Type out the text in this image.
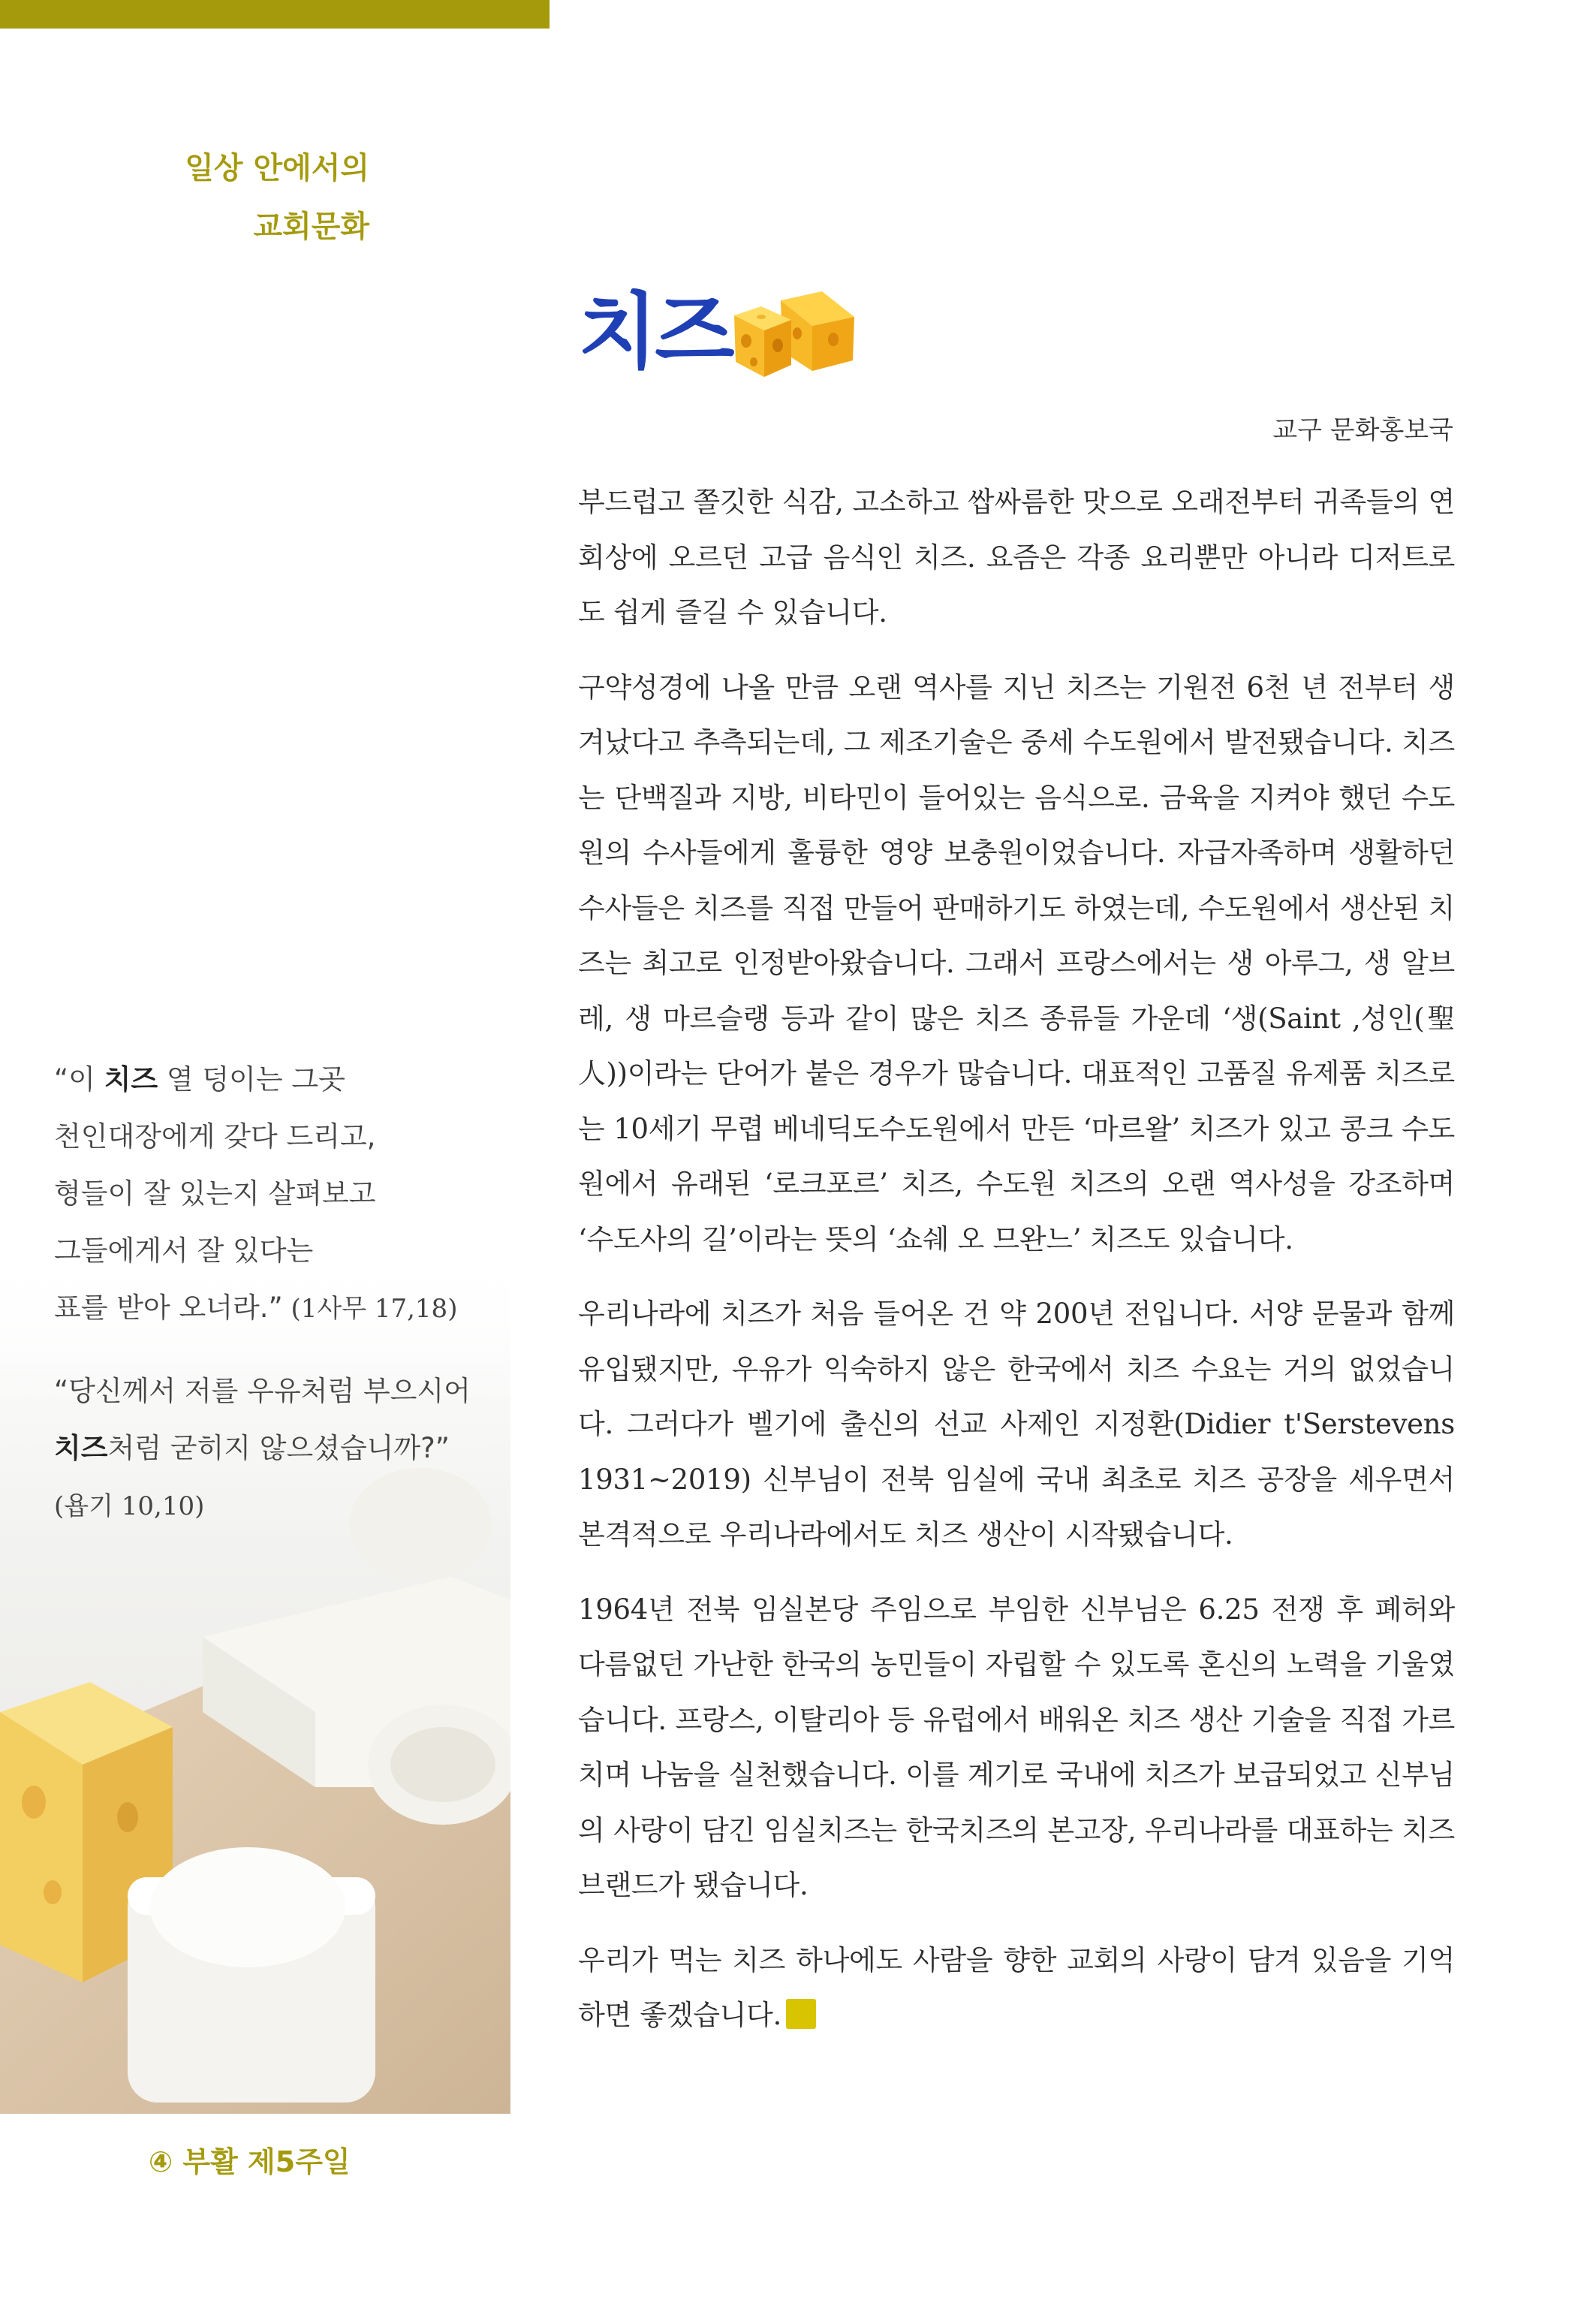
일상 안에서의
교회문화
치즈
교구 문화홍보국

부드럽고 쫄깃한 식감, 고소하고 쌉싸름한 맛으로 오래전부터 귀족들의 연회상에 오르던 고급 음식인 치즈. 요즘은 각종 요리뿐만 아니라 디저트로도 쉽게 즐길 수 있습니다.

구약성경에 나올 만큼 오랜 역사를 지닌 치즈는 기원전 6천 년 전부터 생겨났다고 추측되는데, 그 제조기술은 중세 수도원에서 발전됐습니다. 치즈는 단백질과 지방, 비타민이 들어있는 음식으로. 금육을 지켜야 했던 수도원의 수사들에게 훌륭한 영양 보충원이었습니다. 자급자족하며 생활하던 수사들은 치즈를 직접 만들어 판매하기도 하였는데, 수도원에서 생산된 치즈는 최고로 인정받아왔습니다. 그래서 프랑스에서는 생 아루그, 생 알브레, 생 마르슬랭 등과 같이 많은 치즈 종류들 가운데 ‘생(Saint ,성인(聖人))이라는 단어가 붙은 경우가 많습니다. 대표적인 고품질 유제품 치즈로는 10세기 무렵 베네딕도수도원에서 만든 ‘마르왈’ 치즈가 있고 콩크 수도원에서 유래된 ‘로크포르’ 치즈, 수도원 치즈의 오랜 역사성을 강조하며 ‘수도사의 길’이라는 뜻의 ‘쇼쉐 오 므완느’ 치즈도 있습니다.

우리나라에 치즈가 처음 들어온 건 약 200년 전입니다. 서양 문물과 함께 유입됐지만, 우유가 익숙하지 않은 한국에서 치즈 수요는 거의 없었습니다. 그러다가 벨기에 출신의 선교 사제인 지정환(Didier t'Serstevens 1931~2019) 신부님이 전북 임실에 국내 최초로 치즈 공장을 세우면서 본격적으로 우리나라에서도 치즈 생산이 시작됐습니다.

1964년 전북 임실본당 주임으로 부임한 신부님은 6.25 전쟁 후 폐허와 다름없던 가난한 한국의 농민들이 자립할 수 있도록 혼신의 노력을 기울였습니다. 프랑스, 이탈리아 등 유럽에서 배워온 치즈 생산 기술을 직접 가르치며 나눔을 실천했습니다. 이를 계기로 국내에 치즈가 보급되었고 신부님의 사랑이 담긴 임실치즈는 한국치즈의 본고장, 우리나라를 대표하는 치즈브랜드가 됐습니다.

우리가 먹는 치즈 하나에도 사람을 향한 교회의 사랑이 담겨 있음을 기억하면 좋겠습니다.

“이 치즈 열 덩이는 그곳
천인대장에게 갖다 드리고,
형들이 잘 있는지 살펴보고
그들에게서 잘 있다는
표를 받아 오너라.” (1사무 17,18)
“당신께서 저를 우유처럼 부으시어
치즈처럼 굳히지 않으셨습니까?”
(욥기 10,10)
④ 부활 제5주일
